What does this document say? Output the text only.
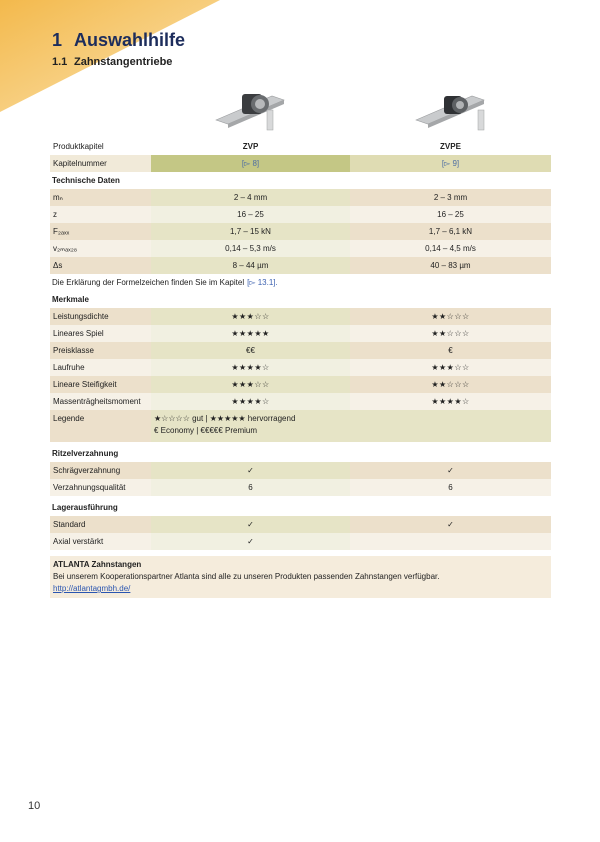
1 Auswahlhilfe
1.1 Zahnstangentriebe
Produktkapitel	ZVP	ZVPE
Kapitelnummer	[▻ 8]	[▻ 9]
Technische Daten
mₙ	2 – 4 mm	2 – 3 mm
z	16 – 25	16 – 25
F₂ₐₓₓ	1,7 – 15 kN	1,7 – 6,1 kN
v₂ₘₐₓ₂₈	0,14 – 5,3 m/s	0,14 – 4,5 m/s
Δs	8 – 44 µm	40 – 83 µm
Die Erklärung der Formelzeichen finden Sie im Kapitel [▻ 13.1].
Merkmale
Leistungsdichte	★★★☆☆	★★☆☆☆
Lineares Spiel	★★★★★	★★☆☆☆
Preisklasse	€€	€
Laufruhe	★★★★☆	★★★☆☆
Lineare Steifigkeit	★★★☆☆	★★☆☆☆
Massenträgheitsmoment	★★★★☆	★★★★☆
Legende	★☆☆☆☆ gut | ★★★★★ hervorragend
€ Economy | €€€€€ Premium
Ritzelverzahnung
Schrägverzahnung	✓	✓
Verzahnungsqualität	6	6
Lagerausführung
Standard	✓	✓
Axial verstärkt	✓
ATLANTA Zahnstangen
Bei unserem Kooperationspartner Atlanta sind alle zu unseren Produkten passenden Zahnstangen verfügbar.
http://atlantagmbh.de/
10
